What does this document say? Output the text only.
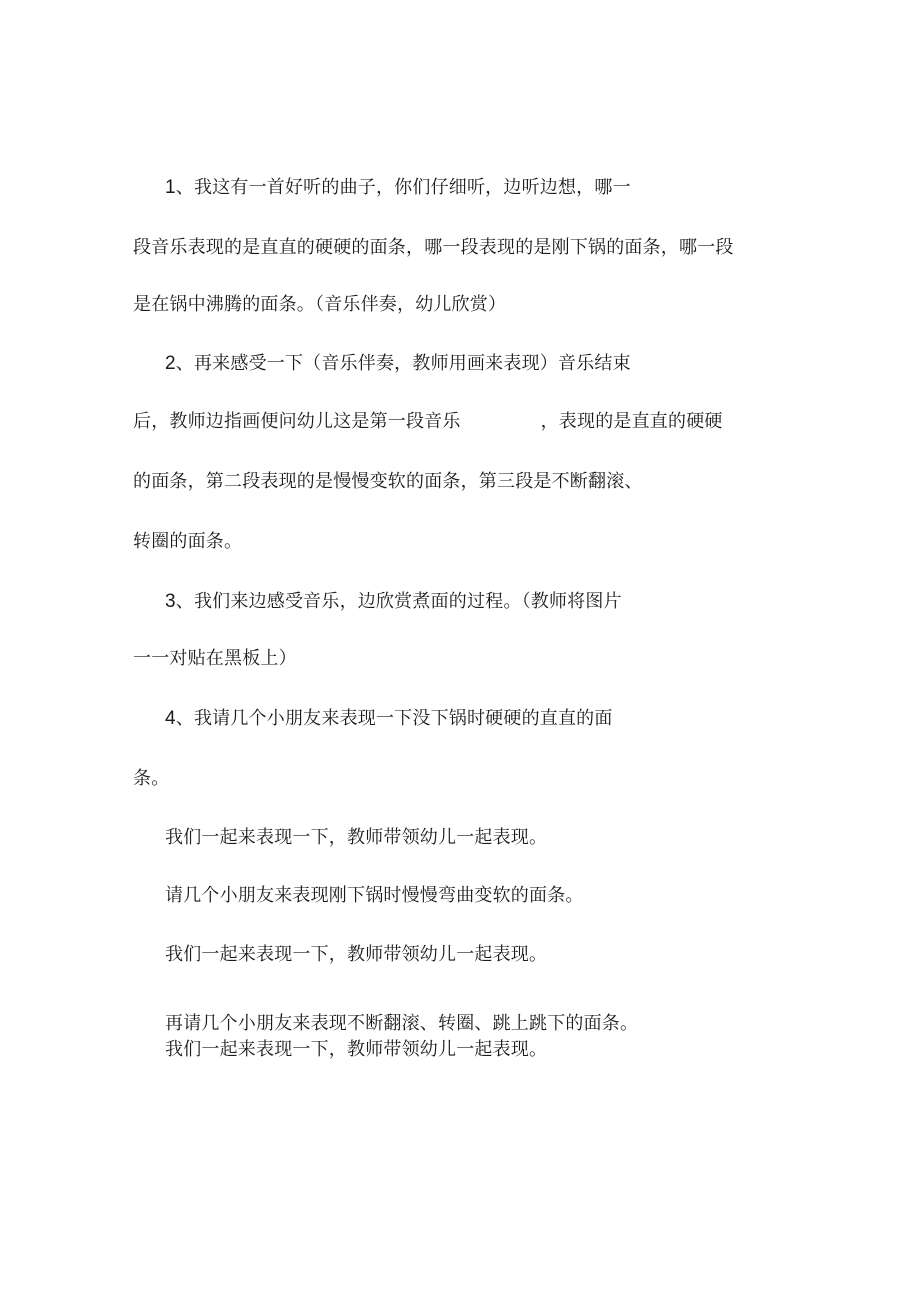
1、我这有一首好听的曲子，你们仔细听，边听边想，哪一
段音乐表现的是直直的硬硬的面条，哪一段表现的是刚下锅的面条，哪一段
是在锅中沸腾的面条。（音乐伴奏，幼儿欣赏）
2、再来感受一下（音乐伴奏，教师用画来表现）音乐结束
后，教师边指画便问幼儿这是第一段音乐	，表现的是直直的硬硬
的面条，第二段表现的是慢慢变软的面条，第三段是不断翻滚、
转圈的面条。
3、我们来边感受音乐，边欣赏煮面的过程。（教师将图片
一一对贴在黑板上）
4、我请几个小朋友来表现一下没下锅时硬硬的直直的面
条。
我们一起来表现一下，教师带领幼儿一起表现。
请几个小朋友来表现刚下锅时慢慢弯曲变软的面条。
我们一起来表现一下，教师带领幼儿一起表现。
再请几个小朋友来表现不断翻滚、转圈、跳上跳下的面条。
我们一起来表现一下，教师带领幼儿一起表现。
